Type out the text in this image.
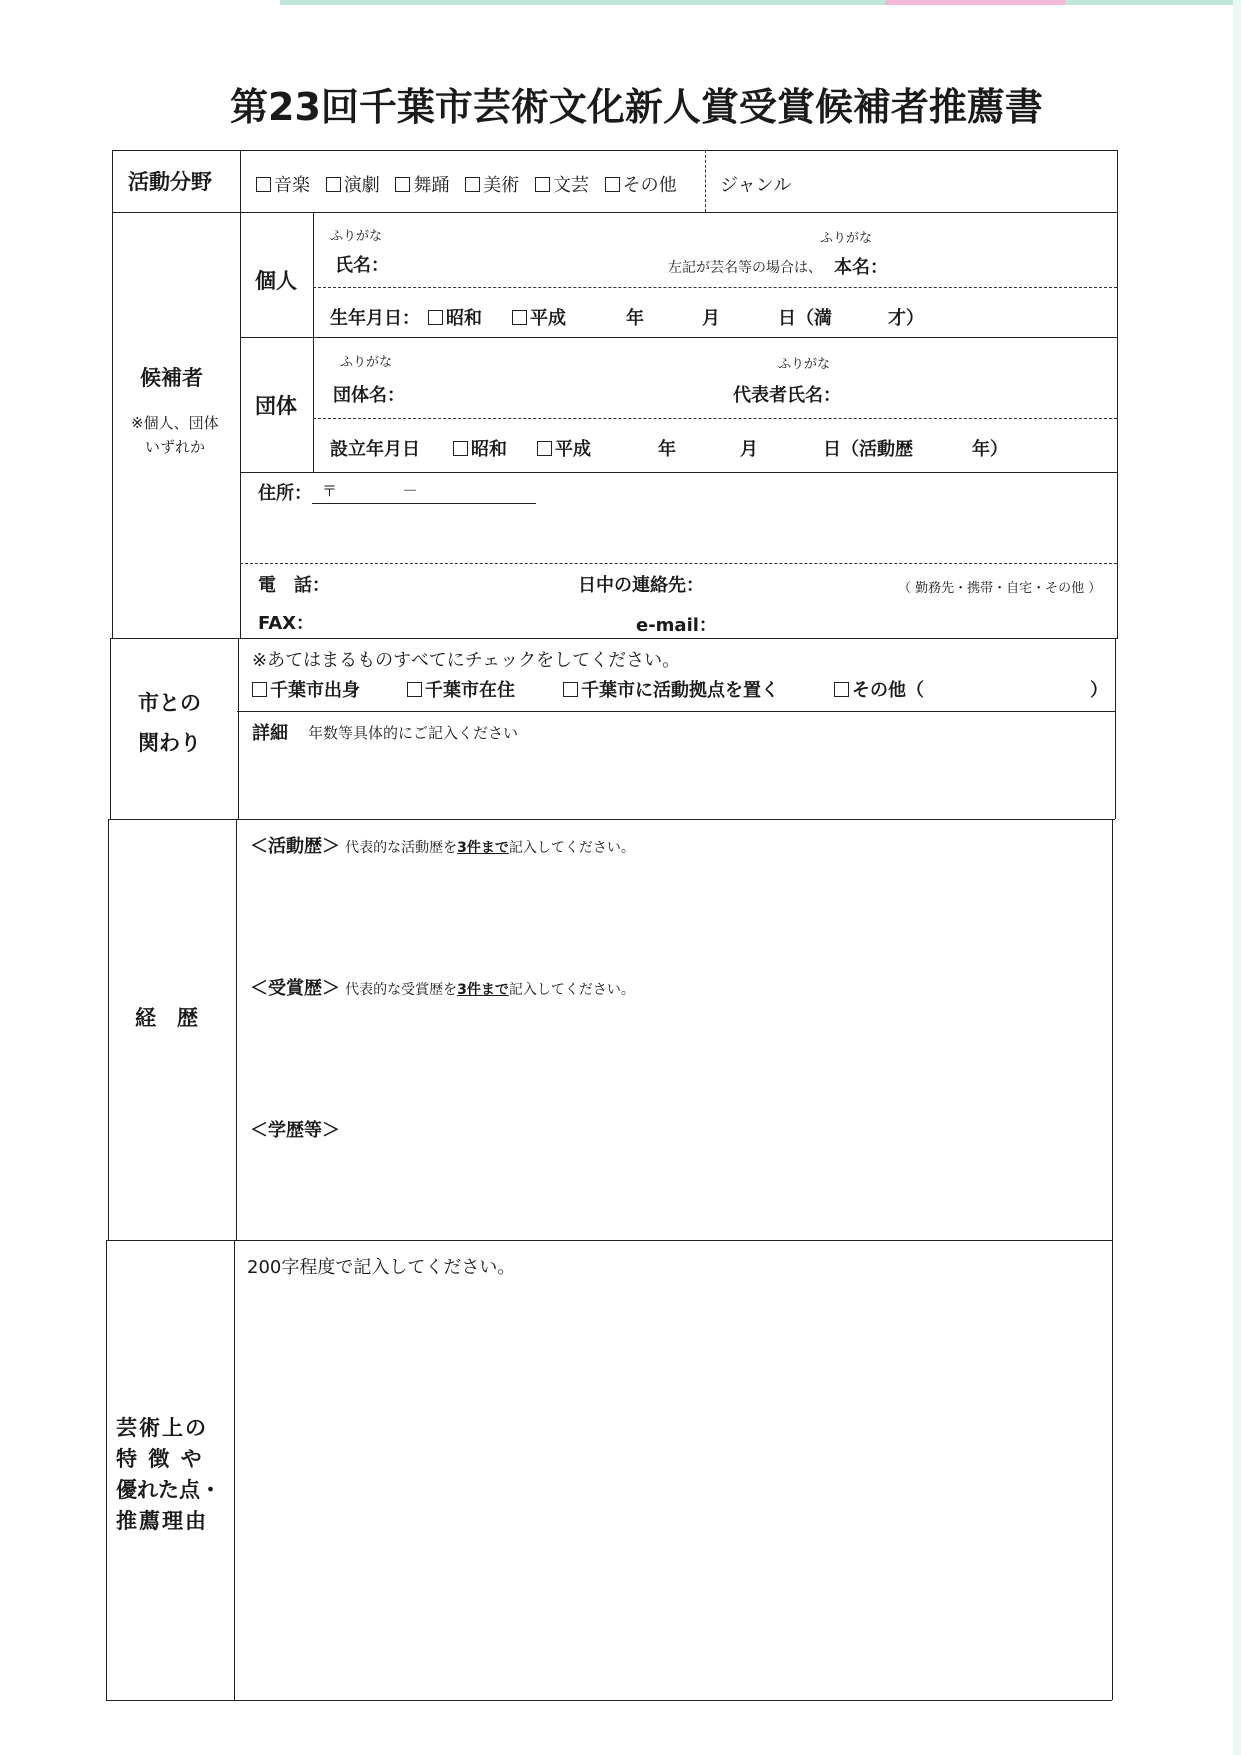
第23回千葉市芸術文化新人賞受賞候補者推薦書
活動分野	音楽 演劇 舞踊 美術 文芸 その他 ジャンル
候補者
※個人、団体
いずれか
個人
ふりがな	ふりがな
氏名：	左記が芸名等の場合は、 本名：
生年月日：	昭和	平成	年	月	日（満	才）
団体
ふりがな	ふりがな
団体名：	代表者氏名：
設立年月日	昭和	平成	年	月	日（活動歴	年）
住所： 〒	－
電　話：	日中の連絡先：	（ 勤務先・携帯・自宅・その他 ）
FAX：	e-mail：
市との
関わり
※あてはまるものすべてにチェックをしてください。
千葉市出身	千葉市在住	千葉市に活動拠点を置く	その他（	）
詳細 年数等具体的にご記入ください
経　歴
＜活動歴＞ 代表的な活動歴を3件まで記入してください。
＜受賞歴＞ 代表的な受賞歴を3件まで記入してください。
＜学歴等＞
芸術上の
特 徴 や
優れた点・
推薦理由
200字程度で記入してください。
